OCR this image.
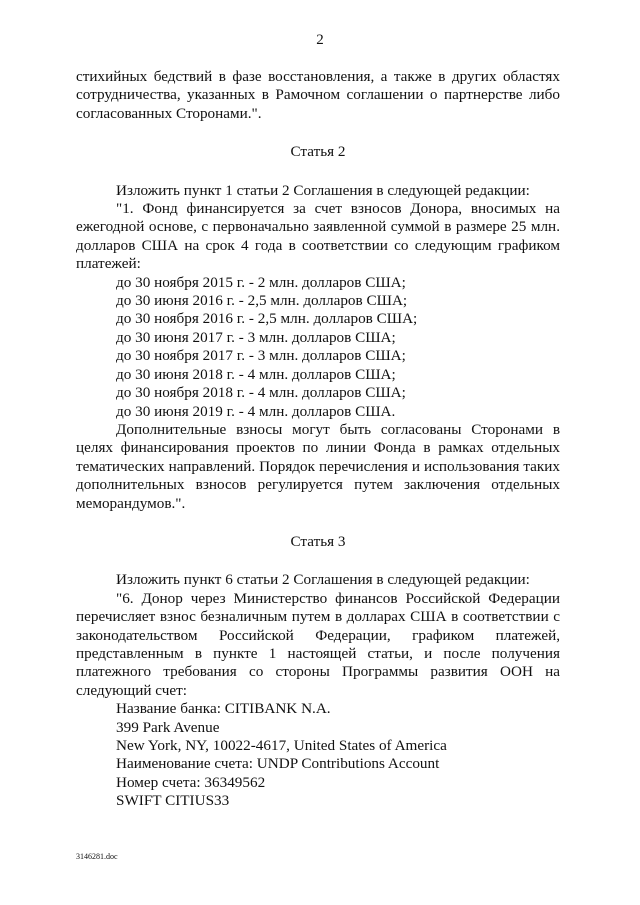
2

стихийных бедствий в фазе восстановления, а также в других областях сотрудничества, указанных в Рамочном соглашении о партнерстве либо согласованных Сторонами.".

Статья 2

Изложить пункт 1 статьи 2 Соглашения в следующей редакции:

"1. Фонд финансируется за счет взносов Донора, вносимых на ежегодной основе, с первоначально заявленной суммой в размере 25 млн. долларов США на срок 4 года в соответствии со следующим графиком платежей:

до 30 ноября 2015 г. - 2 млн. долларов США;
до 30 июня 2016 г. - 2,5 млн. долларов США;
до 30 ноября 2016 г. - 2,5 млн. долларов США;
до 30 июня 2017 г. - 3 млн. долларов США;
до 30 ноября 2017 г. - 3 млн. долларов США;
до 30 июня 2018 г. - 4 млн. долларов США;
до 30 ноября 2018 г. - 4 млн. долларов США;
до 30 июня 2019 г. - 4 млн. долларов США.

Дополнительные взносы могут быть согласованы Сторонами в целях финансирования проектов по линии Фонда в рамках отдельных тематических направлений. Порядок перечисления и использования таких дополнительных взносов регулируется путем заключения отдельных меморандумов.".

Статья 3

Изложить пункт 6 статьи 2 Соглашения в следующей редакции:

"6. Донор через Министерство финансов Российской Федерации перечисляет взнос безналичным путем в долларах США в соответствии с законодательством Российской Федерации, графиком платежей, представленным в пункте 1 настоящей статьи, и после получения платежного требования со стороны Программы развития ООН на следующий счет:

Название банка: CITIBANK N.A.
399 Park Avenue
New York, NY, 10022-4617, United States of America
Наименование счета: UNDP Contributions Account
Номер счета: 36349562
SWIFT CITIUS33
3146281.doc
